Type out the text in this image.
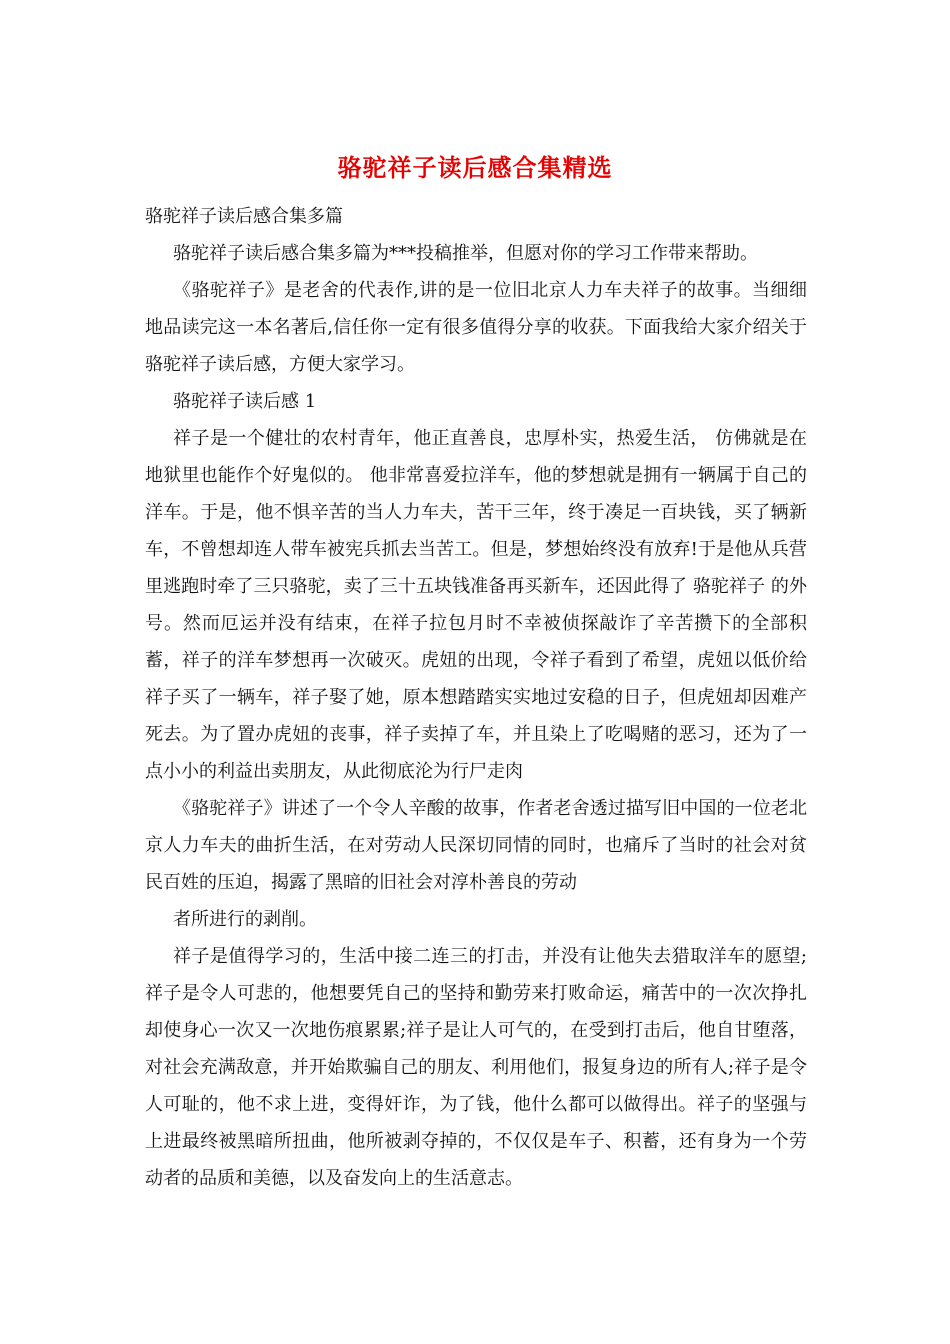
骆驼祥子读后感合集精选

骆驼祥子读后感合集多篇

骆驼祥子读后感合集多篇为***投稿推举，但愿对你的学习工作带来帮助。

《骆驼祥子》是老舍的代表作,讲的是一位旧北京人力车夫祥子的故事。当细细地品读完这一本名著后,信任你一定有很多值得分享的收获。下面我给大家介绍关于骆驼祥子读后感，方便大家学习。

骆驼祥子读后感 1

祥子是一个健壮的农村青年，他正直善良，忠厚朴实，热爱生活， 仿佛就是在地狱里也能作个好鬼似的。 他非常喜爱拉洋车，他的梦想就是拥有一辆属于自己的洋车。于是，他不惧辛苦的当人力车夫，苦干三年，终于凑足一百块钱，买了辆新车，不曾想却连人带车被宪兵抓去当苦工。但是，梦想始终没有放弃!于是他从兵营里逃跑时牵了三只骆驼，卖了三十五块钱准备再买新车，还因此得了 骆驼祥子 的外号。然而厄运并没有结束，在祥子拉包月时不幸被侦探敲诈了辛苦攒下的全部积蓄，祥子的洋车梦想再一次破灭。虎妞的出现，令祥子看到了希望，虎妞以低价给祥子买了一辆车，祥子娶了她，原本想踏踏实实地过安稳的日子，但虎妞却因难产死去。为了置办虎妞的丧事，祥子卖掉了车，并且染上了吃喝赌的恶习，还为了一点小小的利益出卖朋友，从此彻底沦为行尸走肉

《骆驼祥子》讲述了一个令人辛酸的故事，作者老舍透过描写旧中国的一位老北京人力车夫的曲折生活，在对劳动人民深切同情的同时，也痛斥了当时的社会对贫民百姓的压迫，揭露了黑暗的旧社会对淳朴善良的劳动

者所进行的剥削。

祥子是值得学习的，生活中接二连三的打击，并没有让他失去猎取洋车的愿望;祥子是令人可悲的，他想要凭自己的坚持和勤劳来打败命运，痛苦中的一次次挣扎却使身心一次又一次地伤痕累累;祥子是让人可气的，在受到打击后，他自甘堕落，对社会充满敌意，并开始欺骗自己的朋友、利用他们，报复身边的所有人;祥子是令人可耻的，他不求上进，变得奸诈，为了钱，他什么都可以做得出。祥子的坚强与上进最终被黑暗所扭曲，他所被剥夺掉的，不仅仅是车子、积蓄，还有身为一个劳动者的品质和美德，以及奋发向上的生活意志。
